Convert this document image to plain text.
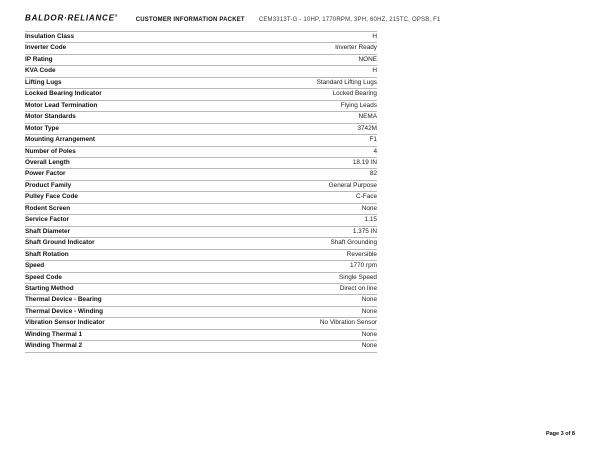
BALDOR·RELIANCE®
CUSTOMER INFORMATION PACKET CEM3313T-G - 10HP, 1770RPM, 3PH, 60HZ, 215TC, OPSB, F1
Insulation Class	H
Inverter Code	Inverter Ready
IP Rating	NONE
KVA Code	H
Lifting Lugs	Standard Lifting Lugs
Locked Bearing Indicator	Locked Bearing
Motor Lead Termination	Flying Leads
Motor Standards	NEMA
Motor Type	3742M
Mounting Arrangement	F1
Number of Poles	4
Overall Length	18.19 IN
Power Factor	82
Product Family	General Purpose
Pulley Face Code	C-Face
Rodent Screen	None
Service Factor	1.15
Shaft Diameter	1.375 IN
Shaft Ground Indicator	Shaft Grounding
Shaft Rotation	Reversible
Speed	1770 rpm
Speed Code	Single Speed
Starting Method	Direct on line
Thermal Device - Bearing	None
Thermal Device - Winding	None
Vibration Sensor Indicator	No Vibration Sensor
Winding Thermal 1	None
Winding Thermal 2	None
Page 3 of 8
